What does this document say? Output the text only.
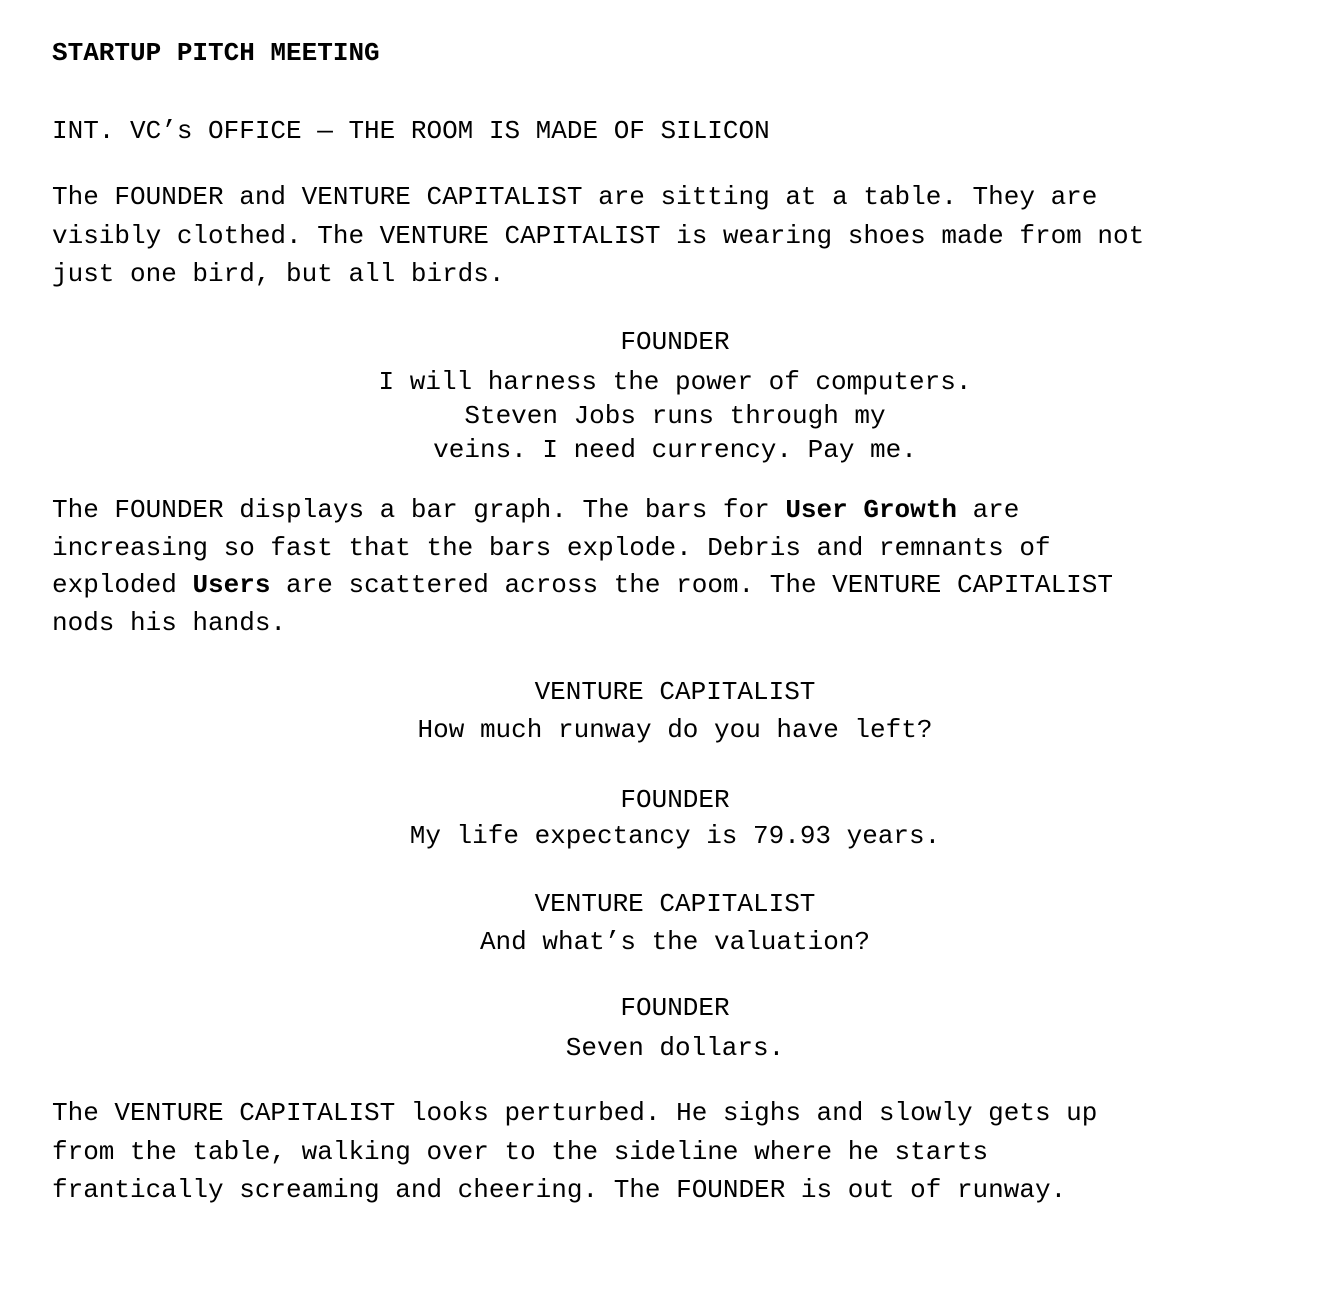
STARTUP PITCH MEETING
INT. VC’s OFFICE — THE ROOM IS MADE OF SILICON
The FOUNDER and VENTURE CAPITALIST are sitting at a table. They are
visibly clothed. The VENTURE CAPITALIST is wearing shoes made from not
just one bird, but all birds.
FOUNDER
I will harness the power of computers.
Steven Jobs runs through my
veins. I need currency. Pay me.
The FOUNDER displays a bar graph. The bars for User Growth are
increasing so fast that the bars explode. Debris and remnants of
exploded Users are scattered across the room. The VENTURE CAPITALIST
nods his hands.
VENTURE CAPITALIST
How much runway do you have left?
FOUNDER
My life expectancy is 79.93 years.
VENTURE CAPITALIST
And what’s the valuation?
FOUNDER
Seven dollars.
The VENTURE CAPITALIST looks perturbed. He sighs and slowly gets up
from the table, walking over to the sideline where he starts
frantically screaming and cheering. The FOUNDER is out of runway.
